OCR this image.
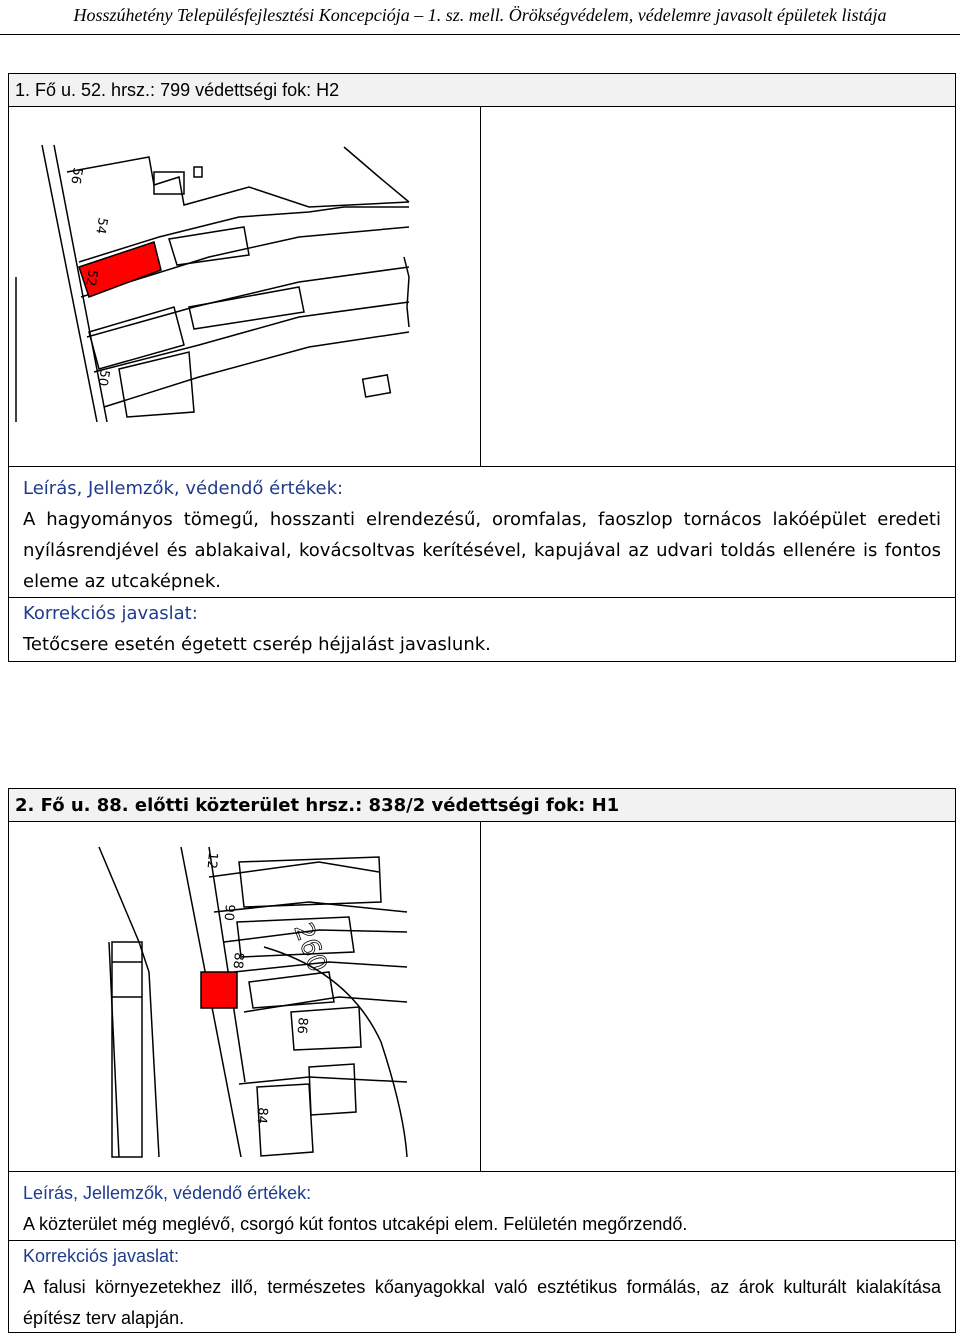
Hosszúhetény Településfejlesztési Koncepciója – 1. sz. mell. Örökségvédelem, védelemre javasolt épületek listája
1. Fő u. 52. hrsz.: 799 védettségi fok: H2
56
54
52
50
Leírás, Jellemzők, védendő értékek:
A hagyományos tömegű, hosszanti elrendezésű, oromfalas, faoszlop tornácos lakóépület eredeti nyílásrendjével és ablakaival, kovácsoltvas kerítésével, kapujával az udvari toldás ellenére is fontos eleme az utcaképnek.
Korrekciós javaslat:
Tetőcsere esetén égetett cserép héjjalást javaslunk.
2. Fő u. 88. előtti közterület hrsz.: 838/2 védettségi fok: H1
12
90
88
86
84
260
Leírás, Jellemzők, védendő értékek:
A közterület még meglévő, csorgó kút fontos utcaképi elem. Felületén megőrzendő.
Korrekciós javaslat:
A falusi környezetekhez illő, természetes kőanyagokkal való esztétikus formálás, az árok kulturált kialakítása építész terv alapján.
